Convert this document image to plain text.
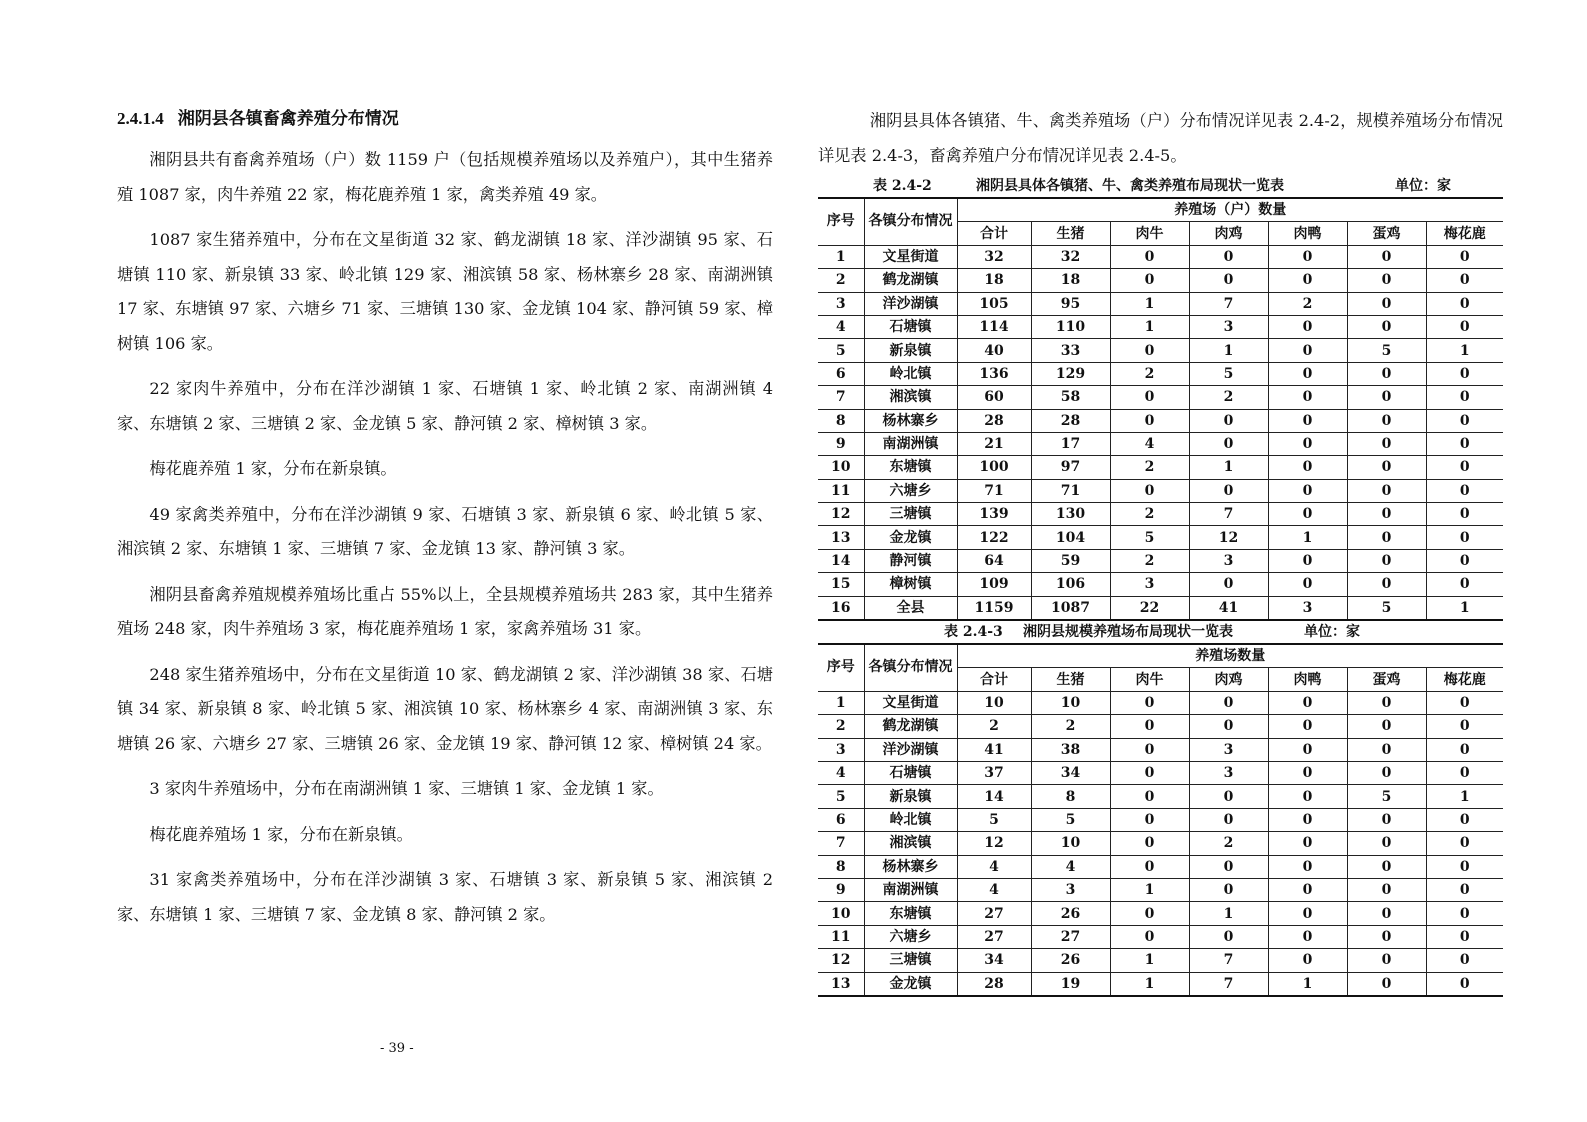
2.4.1.4 湘阴县各镇畜禽养殖分布情况

湘阴县共有畜禽养殖场（户）数 1159 户（包括规模养殖场以及养殖户），其中生猪养殖 1087 家，肉牛养殖 22 家，梅花鹿养殖 1 家，禽类养殖 49 家。

1087 家生猪养殖中，分布在文星街道 32 家、鹤龙湖镇 18 家、洋沙湖镇 95 家、石塘镇 110 家、新泉镇 33 家、岭北镇 129 家、湘滨镇 58 家、杨林寨乡 28 家、南湖洲镇 17 家、东塘镇 97 家、六塘乡 71 家、三塘镇 130 家、金龙镇 104 家、静河镇 59 家、樟树镇 106 家。

22 家肉牛养殖中，分布在洋沙湖镇 1 家、石塘镇 1 家、岭北镇 2 家、南湖洲镇 4 家、东塘镇 2 家、三塘镇 2 家、金龙镇 5 家、静河镇 2 家、樟树镇 3 家。

梅花鹿养殖 1 家，分布在新泉镇。

49 家禽类养殖中，分布在洋沙湖镇 9 家、石塘镇 3 家、新泉镇 6 家、岭北镇 5 家、湘滨镇 2 家、东塘镇 1 家、三塘镇 7 家、金龙镇 13 家、静河镇 3 家。

湘阴县畜禽养殖规模养殖场比重占 55%以上，全县规模养殖场共 283 家，其中生猪养殖场 248 家，肉牛养殖场 3 家，梅花鹿养殖场 1 家，家禽养殖场 31 家。

248 家生猪养殖场中，分布在文星街道 10 家、鹤龙湖镇 2 家、洋沙湖镇 38 家、石塘镇 34 家、新泉镇 8 家、岭北镇 5 家、湘滨镇 10 家、杨林寨乡 4 家、南湖洲镇 3 家、东塘镇 26 家、六塘乡 27 家、三塘镇 26 家、金龙镇 19 家、静河镇 12 家、樟树镇 24 家。

3 家肉牛养殖场中，分布在南湖洲镇 1 家、三塘镇 1 家、金龙镇 1 家。

梅花鹿养殖场 1 家，分布在新泉镇。

31 家禽类养殖场中，分布在洋沙湖镇 3 家、石塘镇 3 家、新泉镇 5 家、湘滨镇 2 家、东塘镇 1 家、三塘镇 7 家、金龙镇 8 家、静河镇 2 家。

湘阴县具体各镇猪、牛、禽类养殖场（户）分布情况详见表 2.4-2，规模养殖场分布情况详见表 2.4-3，畜禽养殖户分布情况详见表 2.4-5。

表 2.4-2	湘阴县具体各镇猪、牛、禽类养殖布局现状一览表	单位：家
序号	各镇分布情况	养殖场（户）数量						
		合计	生猪	肉牛	肉鸡	肉鸭	蛋鸡	梅花鹿
1	文星街道	32	32	0	0	0	0	0
2	鹤龙湖镇	18	18	0	0	0	0	0
3	洋沙湖镇	105	95	1	7	2	0	0
4	石塘镇	114	110	1	3	0	0	0
5	新泉镇	40	33	0	1	0	5	1
6	岭北镇	136	129	2	5	0	0	0
7	湘滨镇	60	58	0	2	0	0	0
8	杨林寨乡	28	28	0	0	0	0	0
9	南湖洲镇	21	17	4	0	0	0	0
10	东塘镇	100	97	2	1	0	0	0
11	六塘乡	71	71	0	0	0	0	0
12	三塘镇	139	130	2	7	0	0	0
13	金龙镇	122	104	5	12	1	0	0
14	静河镇	64	59	2	3	0	0	0
15	樟树镇	109	106	3	0	0	0	0
16	全县	1159	1087	22	41	3	5	1
表 2.4-3 湘阴县规模养殖场布局现状一览表	单位：家
序号	各镇分布情况	养殖场数量						
		合计	生猪	肉牛	肉鸡	肉鸭	蛋鸡	梅花鹿
1	文星街道	10	10	0	0	0	0	0
2	鹤龙湖镇	2	2	0	0	0	0	0
3	洋沙湖镇	41	38	0	3	0	0	0
4	石塘镇	37	34	0	3	0	0	0
5	新泉镇	14	8	0	0	0	5	1
6	岭北镇	5	5	0	0	0	0	0
7	湘滨镇	12	10	0	2	0	0	0
8	杨林寨乡	4	4	0	0	0	0	0
9	南湖洲镇	4	3	1	0	0	0	0
10	东塘镇	27	26	0	1	0	0	0
11	六塘乡	27	27	0	0	0	0	0
12	三塘镇	34	26	1	7	0	0	0
13	金龙镇	28	19	1	7	1	0	0
- 39 -
